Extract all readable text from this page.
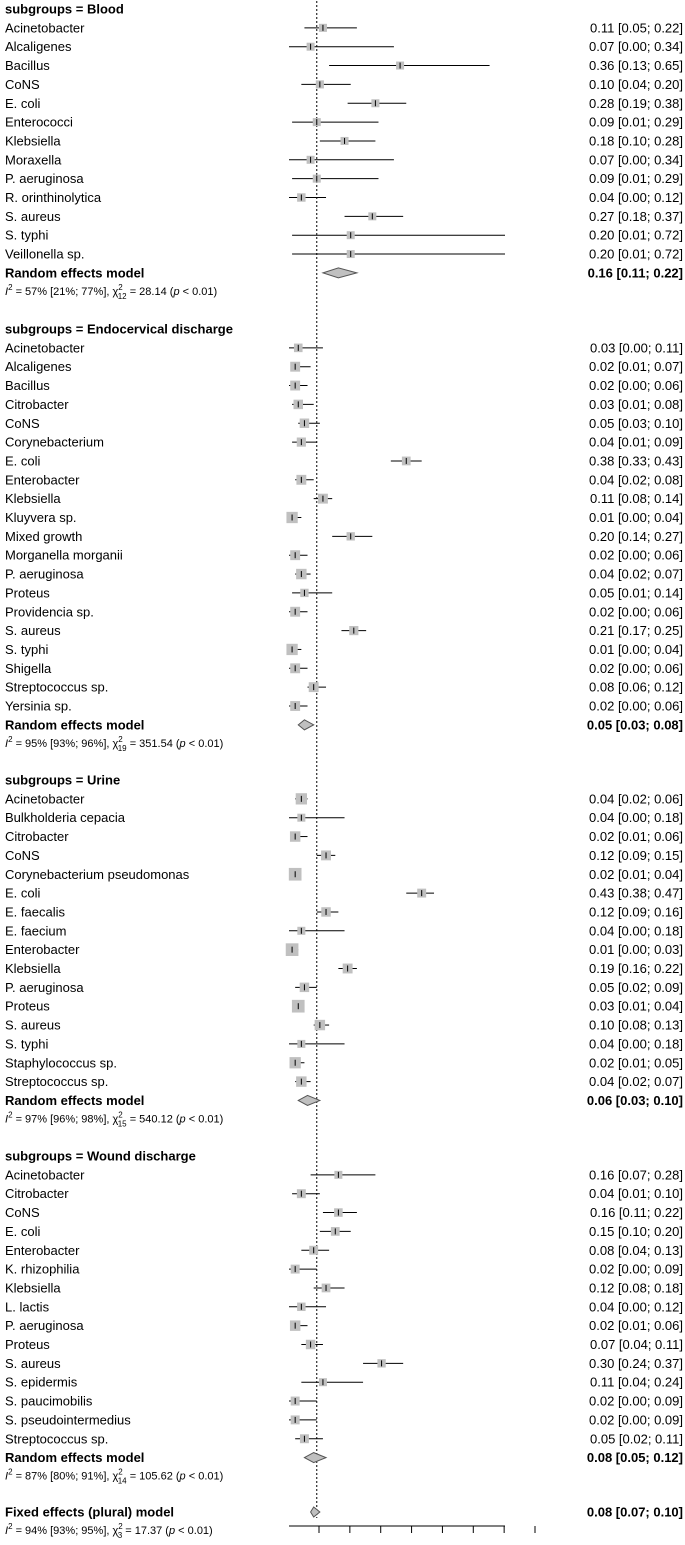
subgroups = Blood
Acinetobacter	0.11 [0.05; 0.22]
Alcaligenes	0.07 [0.00; 0.34]
Bacillus	0.36 [0.13; 0.65]
CoNS	0.10 [0.04; 0.20]
E. coli	0.28 [0.19; 0.38]
Enterococci	0.09 [0.01; 0.29]
Klebsiella	0.18 [0.10; 0.28]
Moraxella	0.07 [0.00; 0.34]
P. aeruginosa	0.09 [0.01; 0.29]
R. orinthinolytica	0.04 [0.00; 0.12]
S. aureus	0.27 [0.18; 0.37]
S. typhi	0.20 [0.01; 0.72]
Veillonella sp.	0.20 [0.01; 0.72]
Random effects model	0.16 [0.11; 0.22]
$I^2 = 57\%$ [21%; 77%], $\chi^2$ 12 = 28.14 (p < 0.01)
subgroups = Endocervical discharge
Acinetobacter	0.03 [0.00; 0.11]
Alcaligenes	0.02 [0.01; 0.07]
Bacillus	0.02 [0.00; 0.06]
Citrobacter	0.03 [0.01; 0.08]
CoNS	0.05 [0.03; 0.10]
Corynebacterium	0.04 [0.01; 0.09]
E. coli	0.38 [0.33; 0.43]
Enterobacter	0.04 [0.02; 0.08]
Klebsiella	0.11 [0.08; 0.14]
Kluyvera sp.	0.01 [0.00; 0.04]
Mixed growth	0.20 [0.14; 0.27]
Morganella morganii	0.02 [0.00; 0.06]
P. aeruginosa	0.04 [0.02; 0.07]
Proteus	0.05 [0.01; 0.14]
Providencia sp.	0.02 [0.00; 0.06]
S. aureus	0.21 [0.17; 0.25]
S. typhi	0.01 [0.00; 0.04]
Shigella	0.02 [0.00; 0.06]
Streptococcus sp.	0.08 [0.06; 0.12]
Yersinia sp.	0.02 [0.00; 0.06]
Random effects model	0.05 [0.03; 0.08]
$I^2 = 95\%$ [93%; 96%], $\chi^2$ 19 = 351.54 (p < 0.01)
subgroups = Urine
Acinetobacter	0.04 [0.02; 0.06]
Bulkholderia cepacia	0.04 [0.00; 0.18]
Citrobacter	0.02 [0.01; 0.06]
CoNS	0.12 [0.09; 0.15]
Corynebacterium pseudomonas	0.02 [0.01; 0.04]
E. coli	0.43 [0.38; 0.47]
E. faecalis	0.12 [0.09; 0.16]
E. faecium	0.04 [0.00; 0.18]
Enterobacter	0.01 [0.00; 0.03]
Klebsiella	0.19 [0.16; 0.22]
P. aeruginosa	0.05 [0.02; 0.09]
Proteus	0.03 [0.01; 0.04]
S. aureus	0.10 [0.08; 0.13]
S. typhi	0.04 [0.00; 0.18]
Staphylococcus sp.	0.02 [0.01; 0.05]
Streptococcus sp.	0.04 [0.02; 0.07]
Random effects model	0.06 [0.03; 0.10]
$I^2 = 97\%$ [96%; 98%], $\chi^2$ 15 = 540.12 (p < 0.01)
subgroups = Wound discharge
Acinetobacter	0.16 [0.07; 0.28]
Citrobacter	0.04 [0.01; 0.10]
CoNS	0.16 [0.11; 0.22]
E. coli	0.15 [0.10; 0.20]
Enterobacter	0.08 [0.04; 0.13]
K. rhizophilia	0.02 [0.00; 0.09]
Klebsiella	0.12 [0.08; 0.18]
L. lactis	0.04 [0.00; 0.12]
P. aeruginosa	0.02 [0.01; 0.06]
Proteus	0.07 [0.04; 0.11]
S. aureus	0.30 [0.24; 0.37]
S. epidermis	0.11 [0.04; 0.24]
S. paucimobilis	0.02 [0.00; 0.09]
S. pseudointermedius	0.02 [0.00; 0.09]
Streptococcus sp.	0.05 [0.02; 0.11]
Random effects model	0.08 [0.05; 0.12]
$I^2 = 87\%$ [80%; 91%], $\chi^2$ 14 = 105.62 (p < 0.01)
Fixed effects (plural) model	0.08 [0.07; 0.10]
$I^2 = 94\%$ [93%; 95%], $\chi^2$ 3 = 17.37 (p < 0.01)
